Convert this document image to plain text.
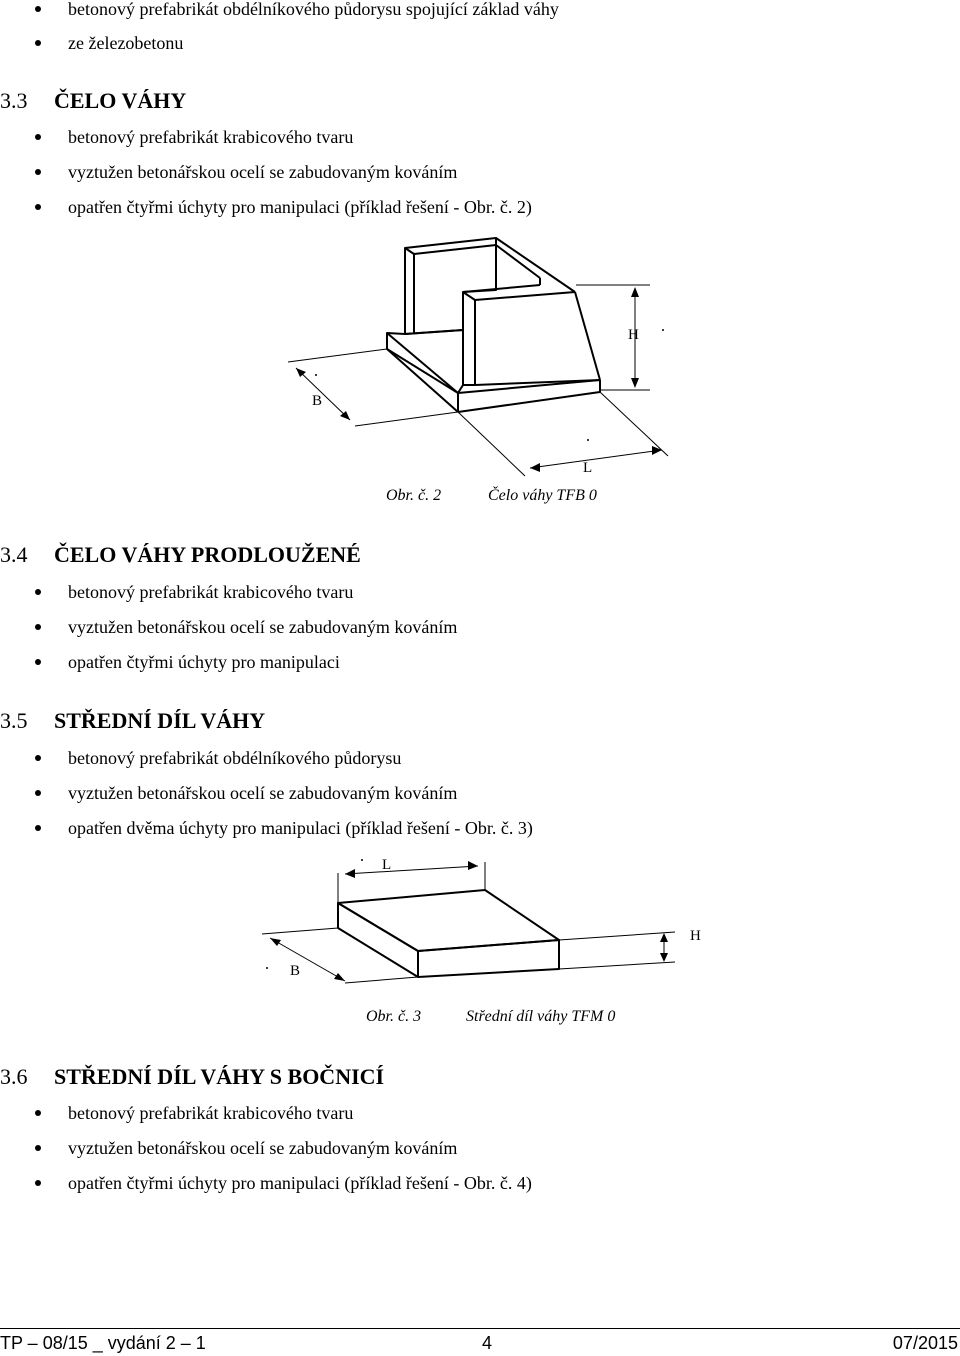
betonový prefabrikát obdélníkového půdorysu spojující základ váhy
ze železobetonu
3.3 ČELO VÁHY
betonový prefabrikát krabicového tvaru
vyztužen betonářskou ocelí se zabudovaným kováním
opatřen čtyřmi úchyty pro manipulaci (příklad řešení - Obr. č. 2)
H
B
L
Obr. č. 2	Čelo váhy TFB 0
3.4 ČELO VÁHY PRODLOUŽENÉ
betonový prefabrikát krabicového tvaru
vyztužen betonářskou ocelí se zabudovaným kováním
opatřen čtyřmi úchyty pro manipulaci
3.5 STŘEDNÍ DÍL VÁHY
betonový prefabrikát obdélníkového půdorysu
vyztužen betonářskou ocelí se zabudovaným kováním
opatřen dvěma úchyty pro manipulaci (příklad řešení - Obr. č. 3)
L
H
B
Obr. č. 3	Střední díl váhy TFM 0
3.6 STŘEDNÍ DÍL VÁHY S BOČNICÍ
betonový prefabrikát krabicového tvaru
vyztužen betonářskou ocelí se zabudovaným kováním
opatřen čtyřmi úchyty pro manipulaci (příklad řešení - Obr. č. 4)
TP – 08/15 _ vydání 2 – 1	4	07/2015
